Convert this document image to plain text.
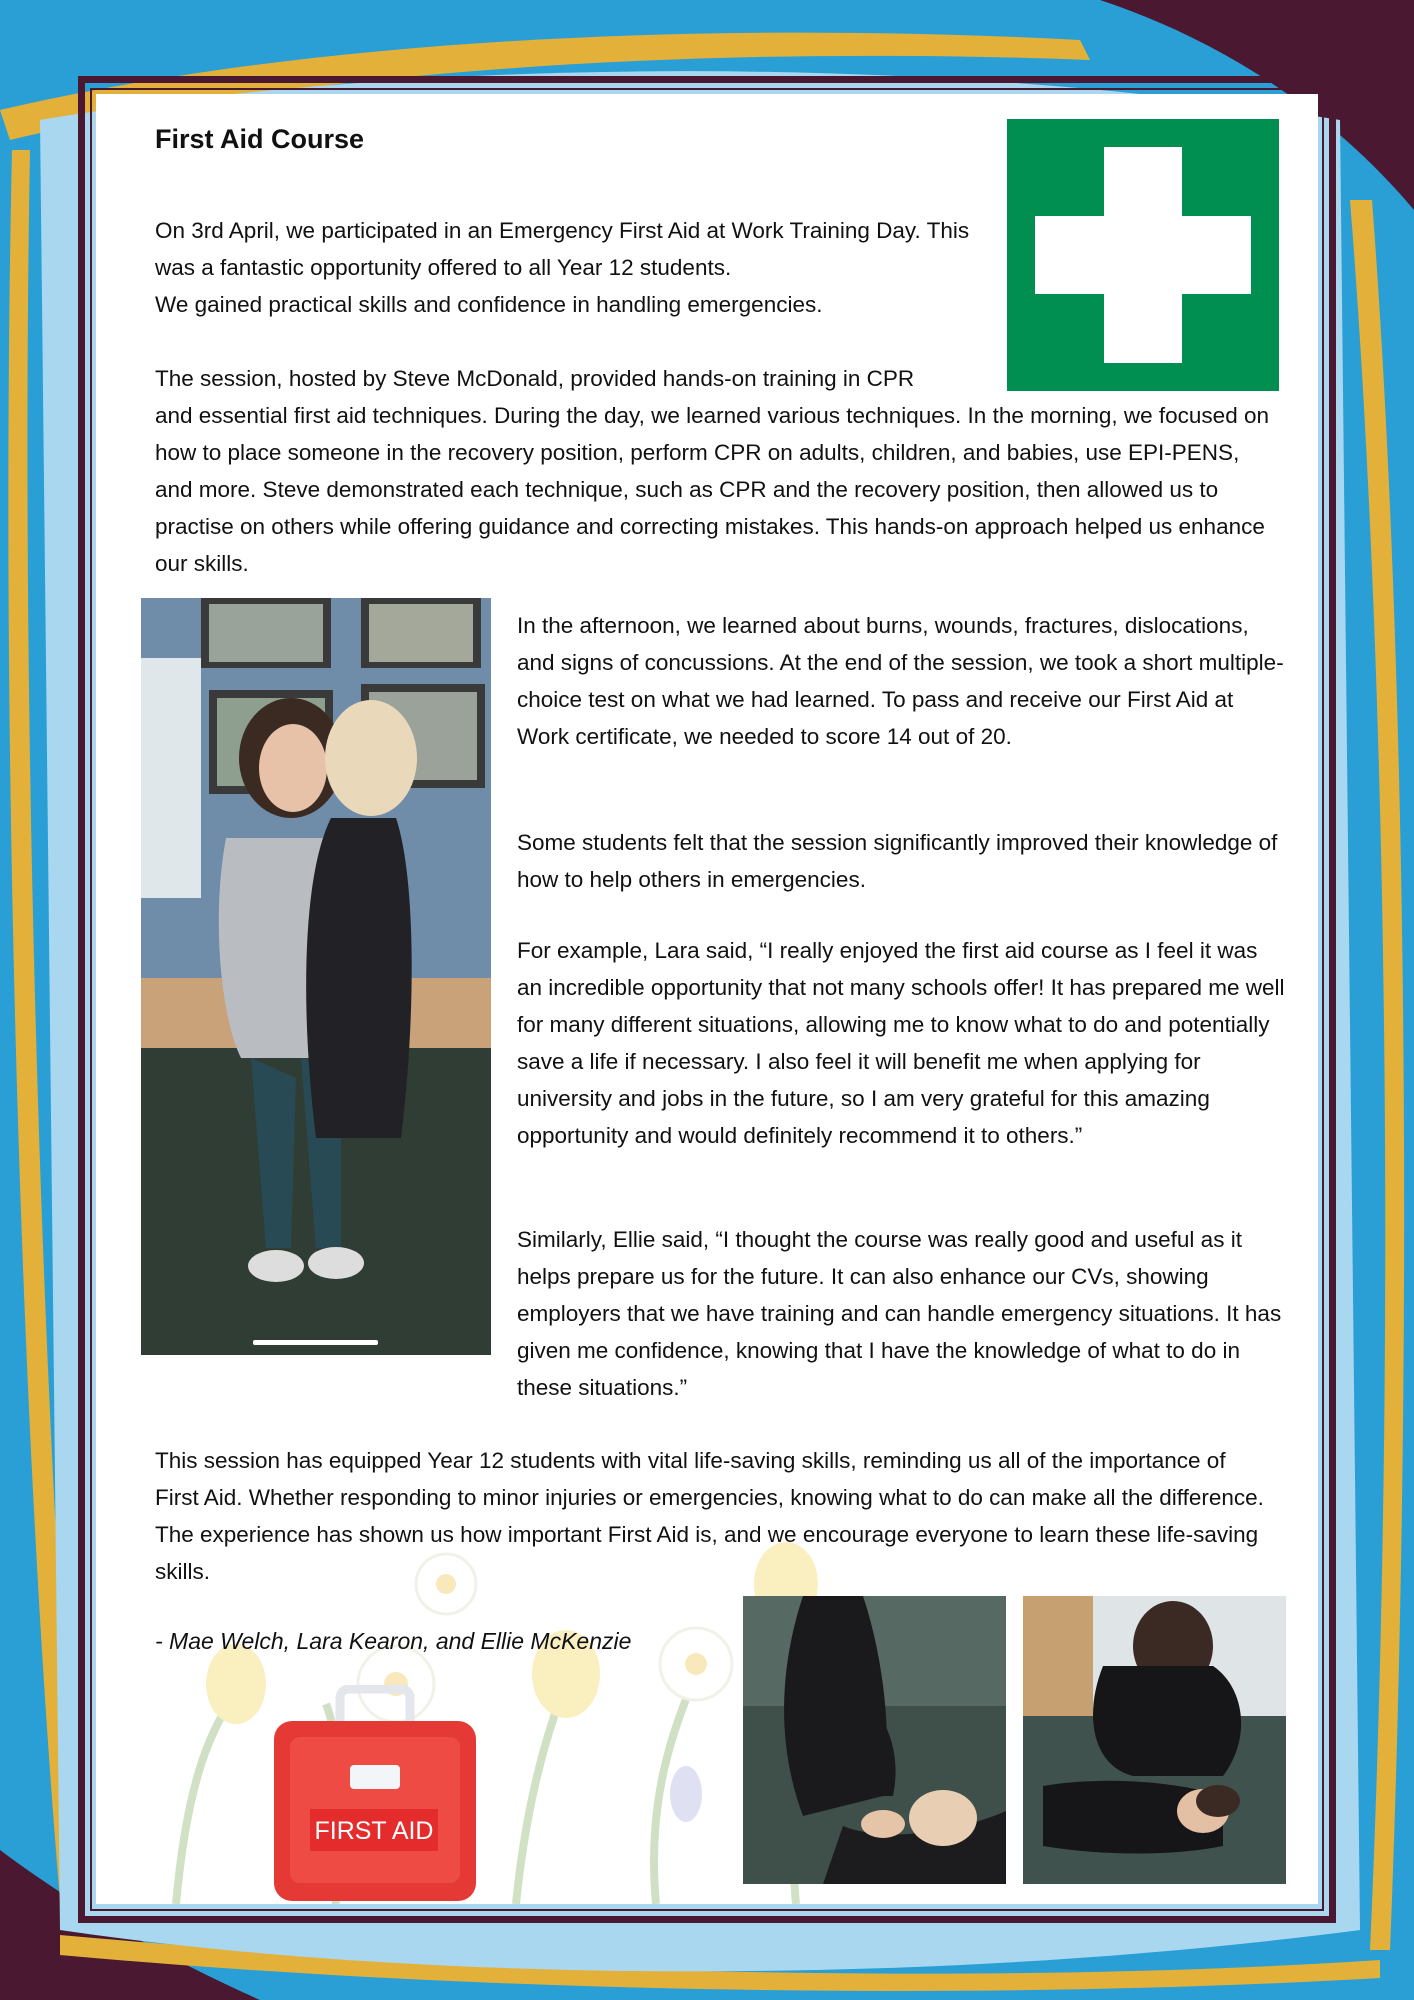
First Aid Course

On 3rd April, we participated in an Emergency First Aid at Work Training Day. This was a fantastic opportunity offered to all Year 12 students.

We gained practical skills and confidence in handling emergencies.

The session, hosted by Steve McDonald, provided hands-on training in CPR

and essential first aid techniques. During the day, we learned various techniques. In the morning, we focused on how to place someone in the recovery position, perform CPR on adults, children, and babies, use EPI-PENS, and more. Steve demonstrated each technique, such as CPR and the recovery position, then allowed us to practise on others while offering guidance and correcting mistakes. This hands-on approach helped us enhance our skills.

In the afternoon, we learned about burns, wounds, fractures, dislocations, and signs of concussions. At the end of the session, we took a short multiple-choice test on what we had learned. To pass and receive our First Aid at Work certificate, we needed to score 14 out of 20.

Some students felt that the session significantly improved their knowledge of how to help others in emergencies.

For example, Lara said, “I really enjoyed the first aid course as I feel it was an incredible opportunity that not many schools offer! It has prepared me well for many different situations, allowing me to know what to do and potentially save a life if necessary. I also feel it will benefit me when applying for university and jobs in the future, so I am very grateful for this amazing opportunity and would definitely recommend it to others.”

Similarly, Ellie said, “I thought the course was really good and useful as it helps prepare us for the future. It can also enhance our CVs, showing employers that we have training and can handle emergency situations. It has given me confidence, knowing that I have the knowledge of what to do in these situations.”

This session has equipped Year 12 students with vital life-saving skills, reminding us all of the importance of First Aid. Whether responding to minor injuries or emergencies, knowing what to do can make all the difference. The experience has shown us how important First Aid is, and we encourage everyone to learn these life-saving skills.

- Mae Welch, Lara Kearon, and Ellie McKenzie

FIRST AID
